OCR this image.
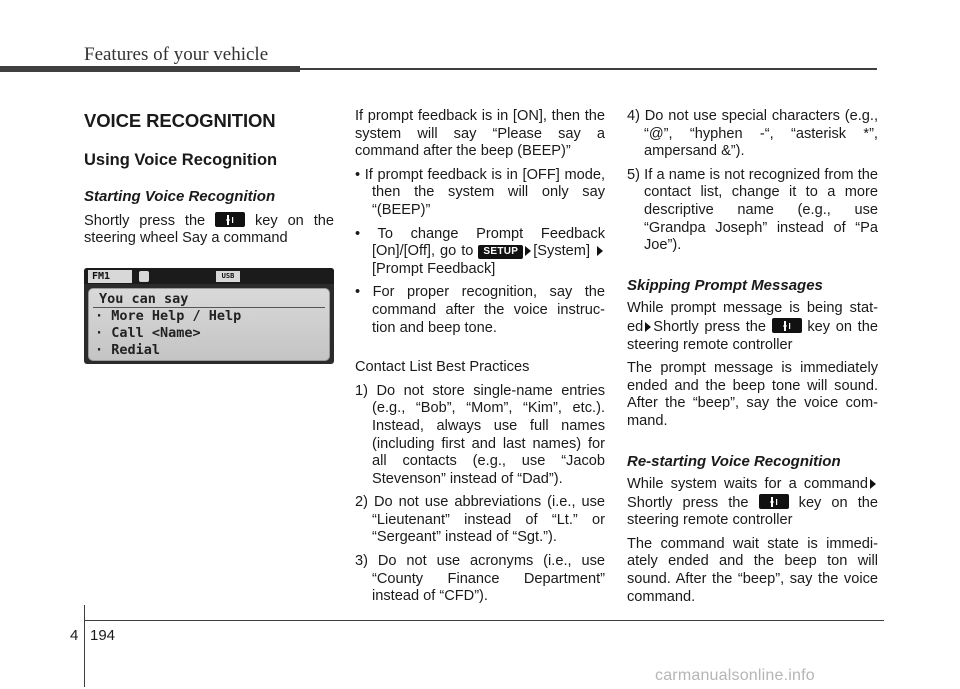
Features of your vehicle
VOICE RECOGNITION
Using Voice Recognition
Starting Voice Recognition

Shortly press the	key on the steering wheel Say a command

FM1	USB
You can say
· More Help / Help
· Call <Name>
· Redial

If prompt feedback is in [ON], then the system will say “Please say a command after the beep (BEEP)”

• If prompt feedback is in [OFF] mode, then the system will only say “(BEEP)”

• To change Prompt Feedback [On]/[Off], go to SETUP [System] [Prompt Feedback]

• For proper recognition, say the command after the voice instruc-tion and beep tone.

Contact List Best Practices

1) Do not store single-name entries (e.g., “Bob”, “Mom”, “Kim”, etc.). Instead, always use full names (including first and last names) for all contacts (e.g., use “Jacob Stevenson” instead of “Dad”).

2) Do not use abbreviations (i.e., use “Lieutenant” instead of “Lt.” or “Sergeant” instead of “Sgt.”).

3) Do not use acronyms (i.e., use “County Finance Department” instead of “CFD”).

4) Do not use special characters (e.g., “@”, “hyphen -“, “asterisk *”, ampersand &”).

5) If a name is not recognized from the contact list, change it to a more descriptive name (e.g., use “Grandpa Joseph” instead of “Pa Joe”).

Skipping Prompt Messages

While prompt message is being stat-ed Shortly press the	key on the steering remote controller

The prompt message is immediately ended and the beep tone will sound. After the “beep”, say the voice com-mand.

Re-starting Voice Recognition

While system waits for a command Shortly press the	key on the steering remote controller

The command wait state is immedi-ately ended and the beep ton will sound. After the “beep”, say the voice command.

4 194
carmanualsonline.info
